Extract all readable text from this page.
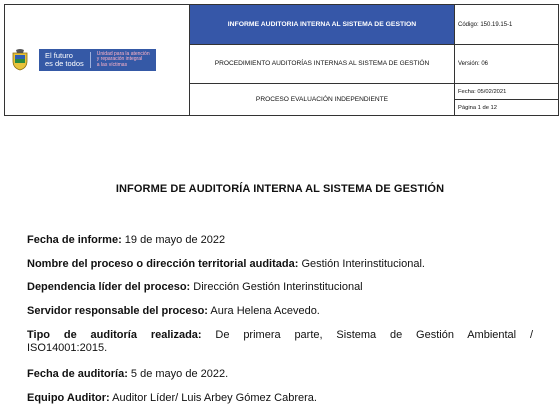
El futuro
es de todos
Unidad para la atención
y reparación integral
a las víctimas	INFORME AUDITORIA INTERNA AL SISTEMA DE GESTION	Código: 150.19.15-1

	PROCEDIMIENTO AUDITORÍAS INTERNAS AL SISTEMA DE GESTIÓN	Versión: 06

	PROCESO EVALUACIÓN INDEPENDIENTE	Fecha: 05/02/2021
		Página 1 de 12
INFORME DE AUDITORÍA INTERNA AL SISTEMA DE GESTIÓN
Fecha de informe: 19 de mayo de 2022
Nombre del proceso o dirección territorial auditada: Gestión Interinstitucional.
Dependencia líder del proceso: Dirección Gestión Interinstitucional
Servidor responsable del proceso: Aura Helena Acevedo.
Tipo de auditoría realizada: De primera parte, Sistema de Gestión Ambiental /
ISO14001:2015.
Fecha de auditoría: 5 de mayo de 2022.
Equipo Auditor: Auditor Líder/ Luis Arbey Gómez Cabrera.
